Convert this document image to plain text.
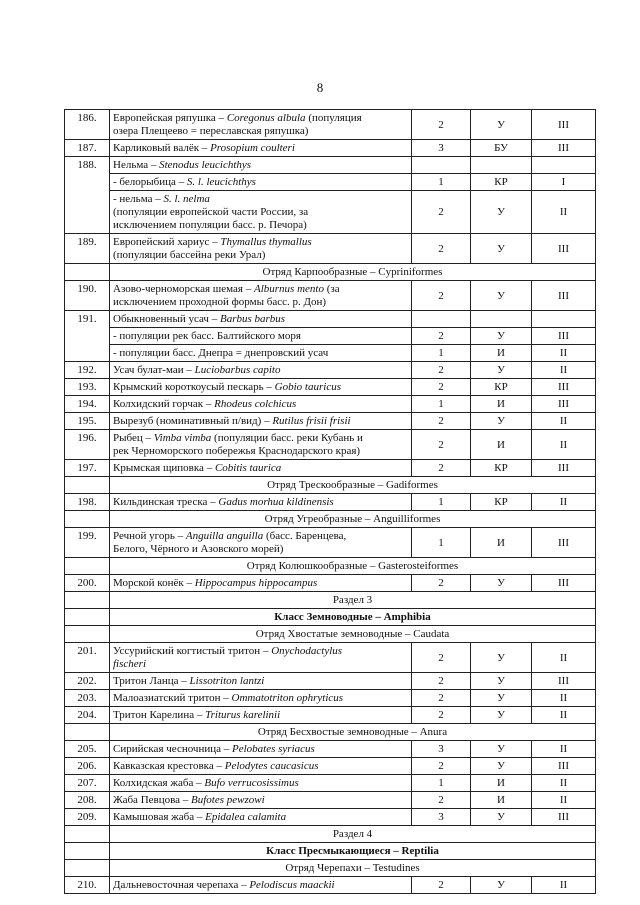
8
186.	Европейская ряпушка – Coregonus albula (популяция
озера Плещеево = переславская ряпушка)	2	У	III
187.	Карликовый валёк – Prosopium coulteri	3	БУ	III
188.	Нельма – Stenodus leucichthys			

	- белорыбица – S. l. leucichthys	1	КР	I

	- нельма – S. l. nelma
(популяции европейской части России, за
исключением популяции басс. р. Печора)	2	У	II
189.	Европейский хариус – Thymallus thymallus
(популяции бассейна реки Урал)	2	У	III
	Отряд Карпообразные – Cypriniformes			
190.	Азово-черноморская шемая – Alburnus mento (за
исключением проходной формы басс. р. Дон)	2	У	III
191.	Обыкновенный усач – Barbus barbus			

	- популяции рек басс. Балтийского моря	2	У	III

	- популяции басс. Днепра = днепровский усач	1	И	II
192.	Усач булат-маи – Luciobarbus capito	2	У	II
193.	Крымский короткоусый пескарь – Gobio tauricus	2	КР	III
194.	Колхидский горчак – Rhodeus colchicus	1	И	III
195.	Вырезуб (номинативный п/вид) – Rutilus frisii frisii	2	У	II
196.	Рыбец – Vimba vimba (популяции басс. реки Кубань и
рек Черноморского побережья Краснодарского края)	2	И	II
197.	Крымская щиповка – Cobitis taurica	2	КР	III
	Отряд Трескообразные – Gadiformes			
198.	Кильдинская треска – Gadus morhua kildinensis	1	КР	II
	Отряд Угреобразные – Anguilliformes			
199.	Речной угорь – Anguilla anguilla (басс. Баренцева,
Белого, Чёрного и Азовского морей)	1	И	III
	Отряд Колюшкообразные – Gasterosteiformes			
200.	Морской конёк – Hippocampus hippocampus	2	У	III
	Раздел 3			
	Класс Земноводные – Amphibia			
	Отряд Хвостатые земноводные – Caudata			
201.	Уссурийский когтистый тритон – Onychodactylus
fischeri	2	У	II
202.	Тритон Ланца – Lissotriton lantzi	2	У	III
203.	Малоазиатский тритон – Ommatotriton ophryticus	2	У	II
204.	Тритон Карелина – Triturus karelinii	2	У	II
	Отряд Бесхвостые земноводные – Anura			
205.	Сирийская чесночница – Pelobates syriacus	3	У	II
206.	Кавказская крестовка – Pelodytes caucasicus	2	У	III
207.	Колхидская жаба – Bufo verrucosissimus	1	И	II
208.	Жаба Певцова – Bufotes pewzowi	2	И	II
209.	Камышовая жаба – Epidalea calamita	3	У	III
	Раздел 4			
	Класс Пресмыкающиеся – Reptilia			
	Отряд Черепахи – Testudines			
210.	Дальневосточная черепаха – Pelodiscus maackii	2	У	II
